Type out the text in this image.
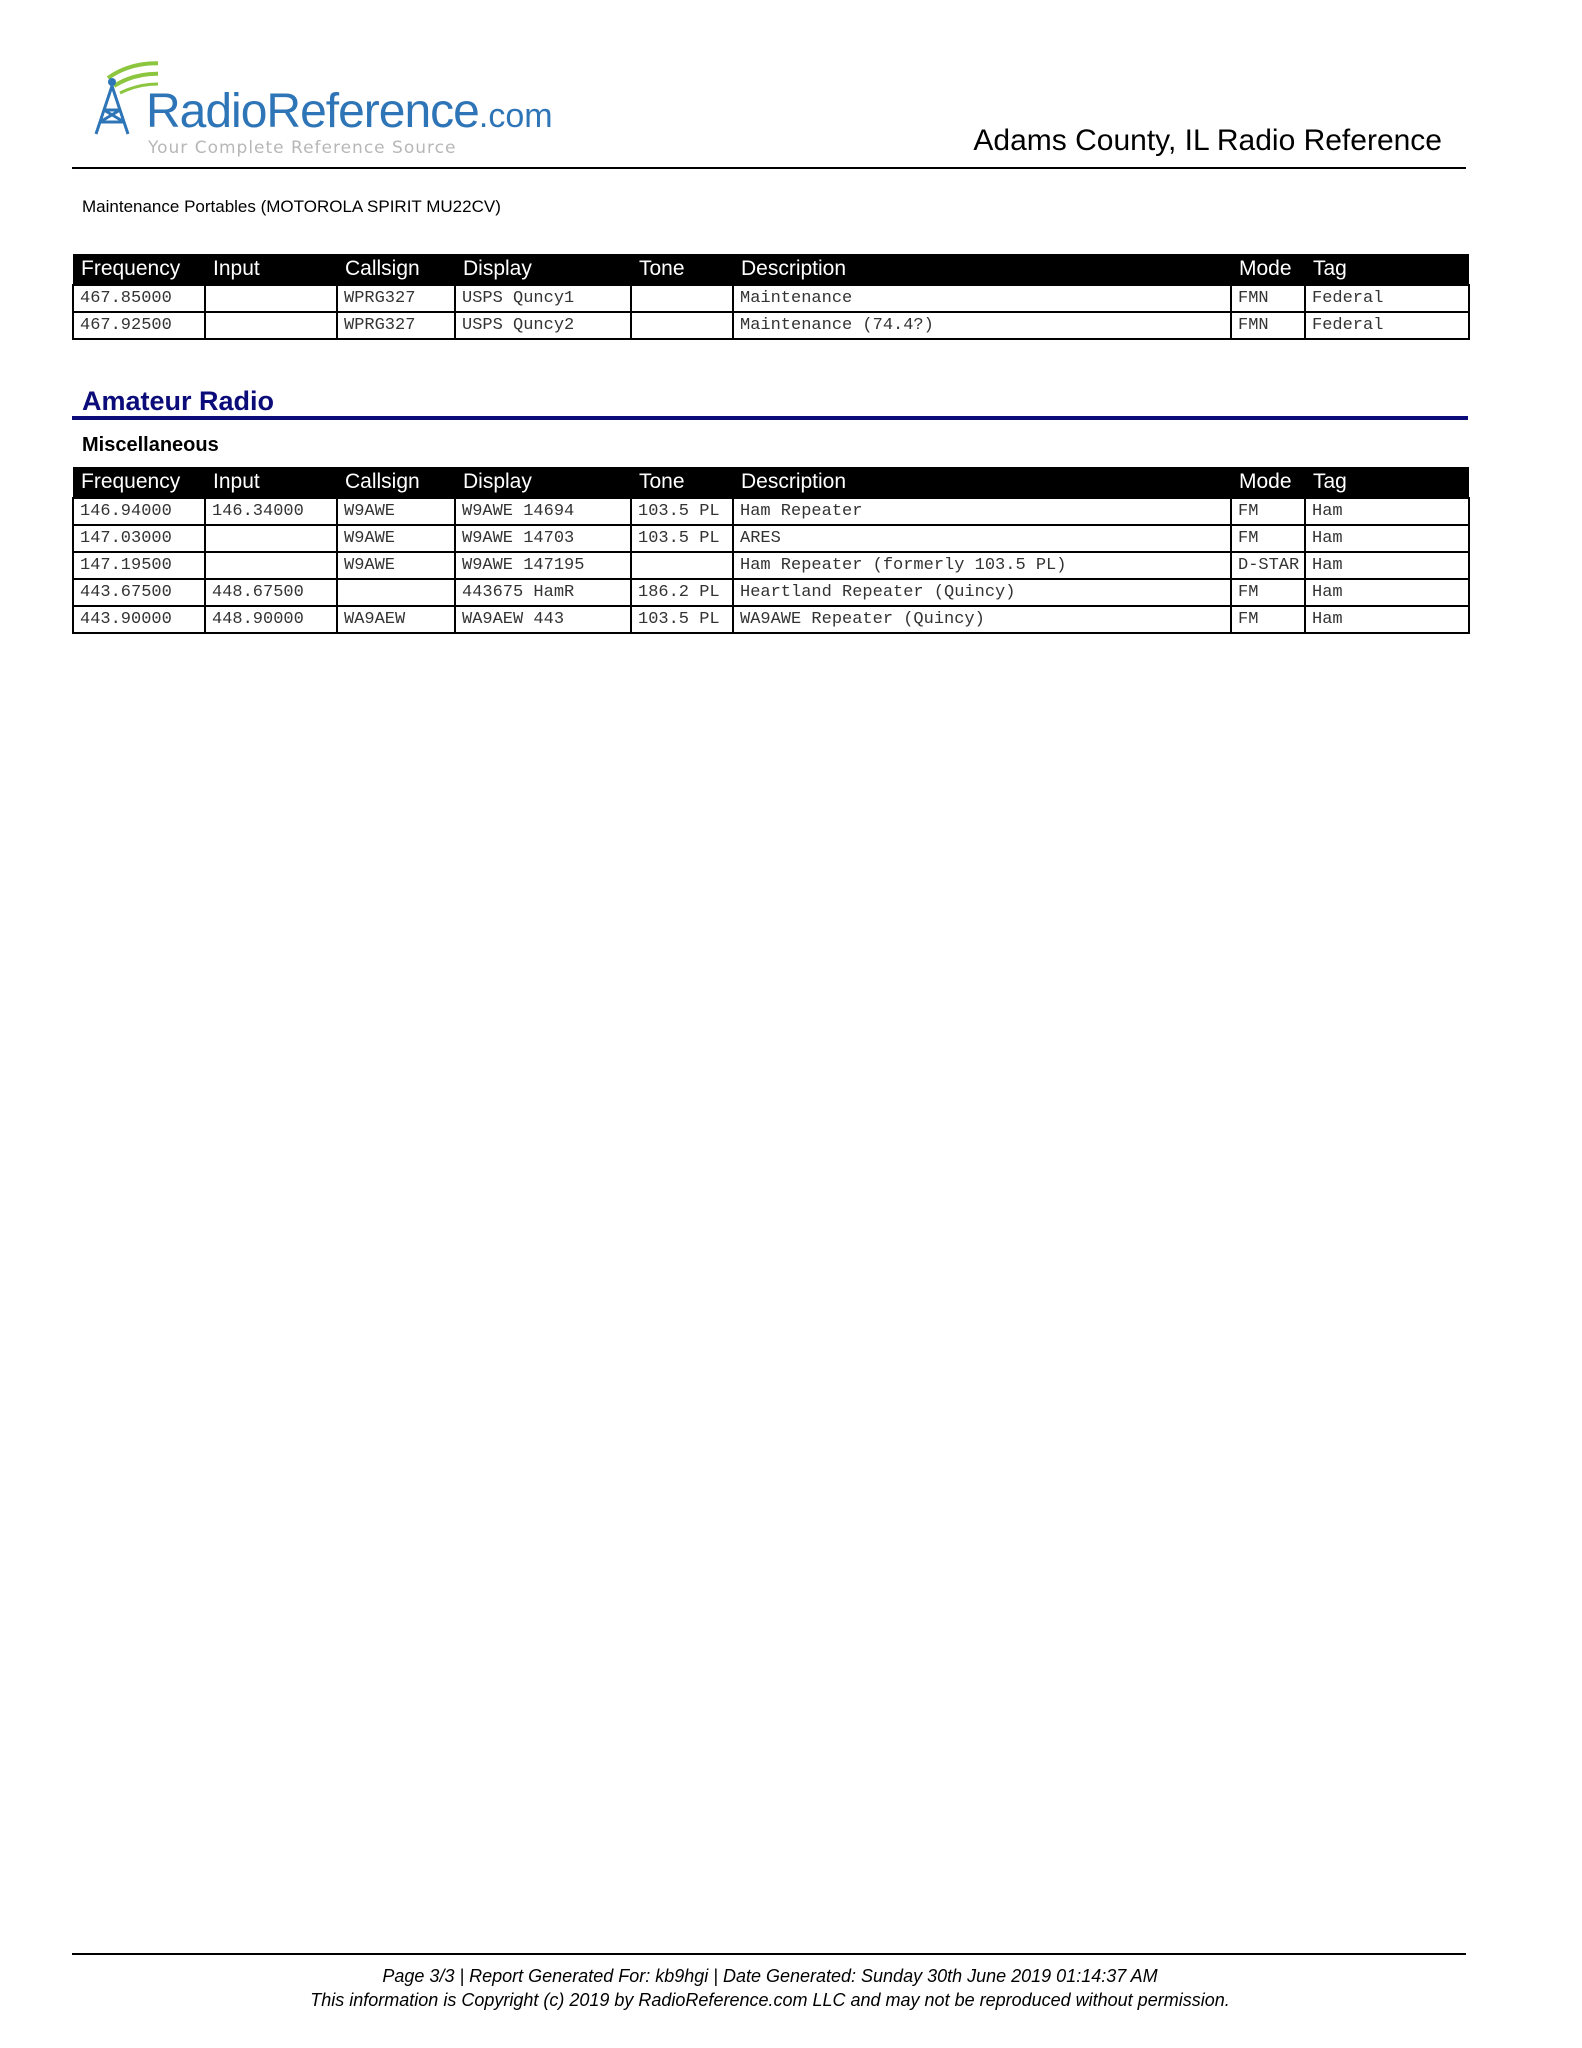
RadioReference.com
Your Complete Reference Source	Adams County, IL Radio Reference
Maintenance Portables (MOTOROLA SPIRIT MU22CV)
Frequency	Input	Callsign	Display	Tone	Description	Mode	Tag
467.85000		WPRG327	USPS Quncy1		Maintenance	FMN	Federal
467.92500		WPRG327	USPS Quncy2		Maintenance (74.4?)	FMN	Federal
Amateur Radio
Miscellaneous
Frequency	Input	Callsign	Display	Tone	Description	Mode	Tag
146.94000	146.34000	W9AWE	W9AWE 14694	103.5 PL	Ham Repeater	FM	Ham
147.03000		W9AWE	W9AWE 14703	103.5 PL	ARES	FM	Ham
147.19500		W9AWE	W9AWE 147195		Ham Repeater (formerly 103.5 PL)	D-STAR	Ham
443.67500	448.67500		443675 HamR	186.2 PL	Heartland Repeater (Quincy)	FM	Ham
443.90000	448.90000	WA9AEW	WA9AEW 443	103.5 PL	WA9AWE Repeater (Quincy)	FM	Ham
Page 3/3 | Report Generated For: kb9hgi | Date Generated: Sunday 30th June 2019 01:14:37 AM
This information is Copyright (c) 2019 by RadioReference.com LLC and may not be reproduced without permission.
